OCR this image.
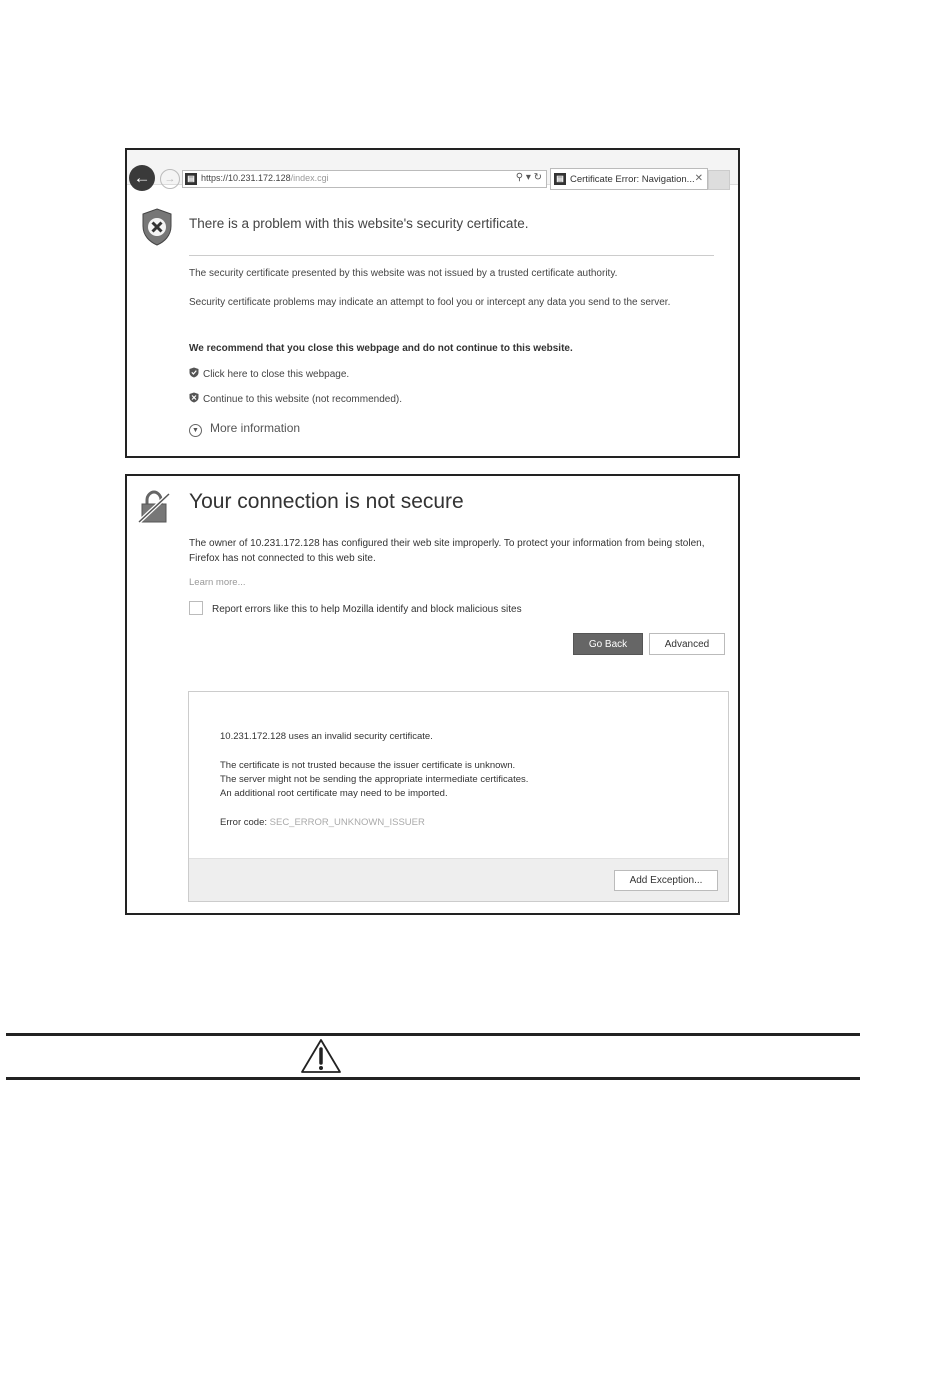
←	→	▤ https://10.231.172.128/index.cgi	⚲ ▾ ↻ ▤ Certificate Error: Navigation... ✕
There is a problem with this website's security certificate.
The security certificate presented by this website was not issued by a trusted certificate authority.
Security certificate problems may indicate an attempt to fool you or intercept any data you send to the server.
We recommend that you close this webpage and do not continue to this website.
Click here to close this webpage.
Continue to this website (not recommended).
▼ More information
Your connection is not secure
The owner of 10.231.172.128 has configured their web site improperly. To protect your information from being stolen, Firefox has not connected to this web site.
Learn more...
Report errors like this to help Mozilla identify and block malicious sites
Go Back	Advanced
10.231.172.128 uses an invalid security certificate.
The certificate is not trusted because the issuer certificate is unknown.
The server might not be sending the appropriate intermediate certificates.
An additional root certificate may need to be imported.
Error code: SEC_ERROR_UNKNOWN_ISSUER
Add Exception...
